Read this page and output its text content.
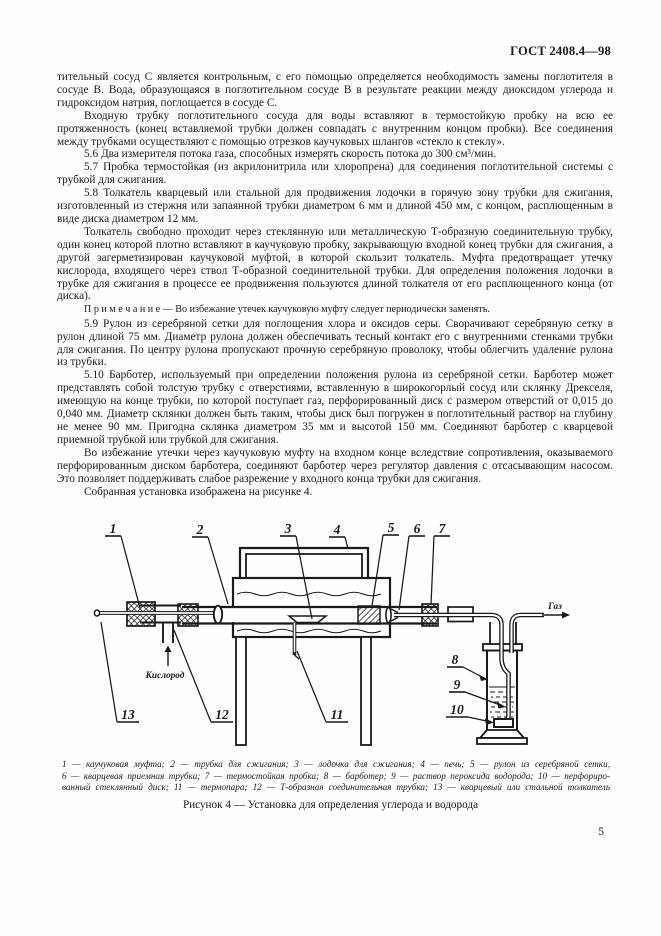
ГОСТ 2408.4—98

тительный сосуд С является контрольным, с его помощью определяется необходимость замены поглотителя в сосуде В. Вода, образующаяся в поглотительном сосуде В в результате реакции между диоксидом углерода и гидроксидом натрия, поглощается в сосуде С.

Входную трубку поглотительного сосуда для воды вставляют в термостойкую пробку на всю ее протяженность (конец вставляемой трубки должен совпадать с внутренним концом пробки). Все соединения между трубками осуществляют с помощью отрезков каучуковых шлангов «стекло к стеклу».

5.6 Два измерителя потока газа, способных измерять скорость потока до 300 см³/мин.

5.7 Пробка термостойкая (из акрилонитрила или хлоропрена) для соединения поглотительной системы с трубкой для сжигания.

5.8 Толкатель кварцевый или стальной для продвижения лодочки в горячую зону трубки для сжигания, изготовленный из стержня или запаянной трубки диаметром 6 мм и длиной 450 мм, с концом, расплющенным в виде диска диаметром 12 мм.

Толкатель свободно проходит через стеклянную или металлическую Т-образную соединительную трубку, один конец которой плотно вставляют в каучуковую пробку, закрывающую входной конец трубки для сжигания, а другой загерметизирован каучуковой муфтой, в которой скользит толкатель. Муфта предотвращает утечку кислорода, входящего через ствол Т-образной соединительной трубки. Для определения положения лодочки в трубке для сжигания в процессе ее продвижения пользуются длиной толкателя от его расплющенного конца (от диска).

П р и м е ч а н и е — Во избежание утечек каучуковую муфту следует периодически заменять.

5.9 Рулон из серебряной сетки для поглощения хлора и оксидов серы. Сворачивают серебряную сетку в рулон длиной 75 мм. Диаметр рулона должен обеспечивать тесный контакт его с внутренними стенками трубки для сжигания. По центру рулона пропускают прочную серебряную проволоку, чтобы облегчить удаление рулона из трубки.

5.10 Барботер, используемый при определении положения рулона из серебряной сетки. Барботер может представлять собой толстую трубку с отверстиями, вставленную в широкогорлый сосуд или склянку Дрекселя, имеющую на конце трубки, по которой поступает газ, перфорированный диск с размером отверстий от 0,015 до 0,040 мм. Диаметр склянки должен быть таким, чтобы диск был погружен в поглотительный раствор на глубину не менее 90 мм. Пригодна склянка диаметром 35 мм и высотой 150 мм. Соединяют барботер с кварцевой приемной трубкой или трубкой для сжигания.

Во избежание утечки через каучуковую муфту на входном конце вследствие сопротивления, оказываемого перфорированным диском барботера, соединяют барботер через регулятор давления с отсасывающим насосом. Это позволяет поддерживать слабое разрежение у входного конца трубки для сжигания.

Собранная установка изображена на рисунке 4.

Газ
Кислород
1	2	3	4	5 6 7
8
9
10
11
12
13
1 — каучуковая муфта; 2 — трубка для сжигания; 3 — лодочка для сжигания; 4 — печь; 5 — рулон из серебряной сетки,
6 — кварцевая приемная трубка; 7 — термостойкая пробка; 8 — барботер; 9 — раствор пероксида водорода; 10 — перфориро-
ванный стеклянный диск; 11 — термопара; 12 — Т-образная соединительная трубка; 13 — кварцевый или стальной толкатель
Рисунок 4 — Установка для определения углерода и водорода
5
